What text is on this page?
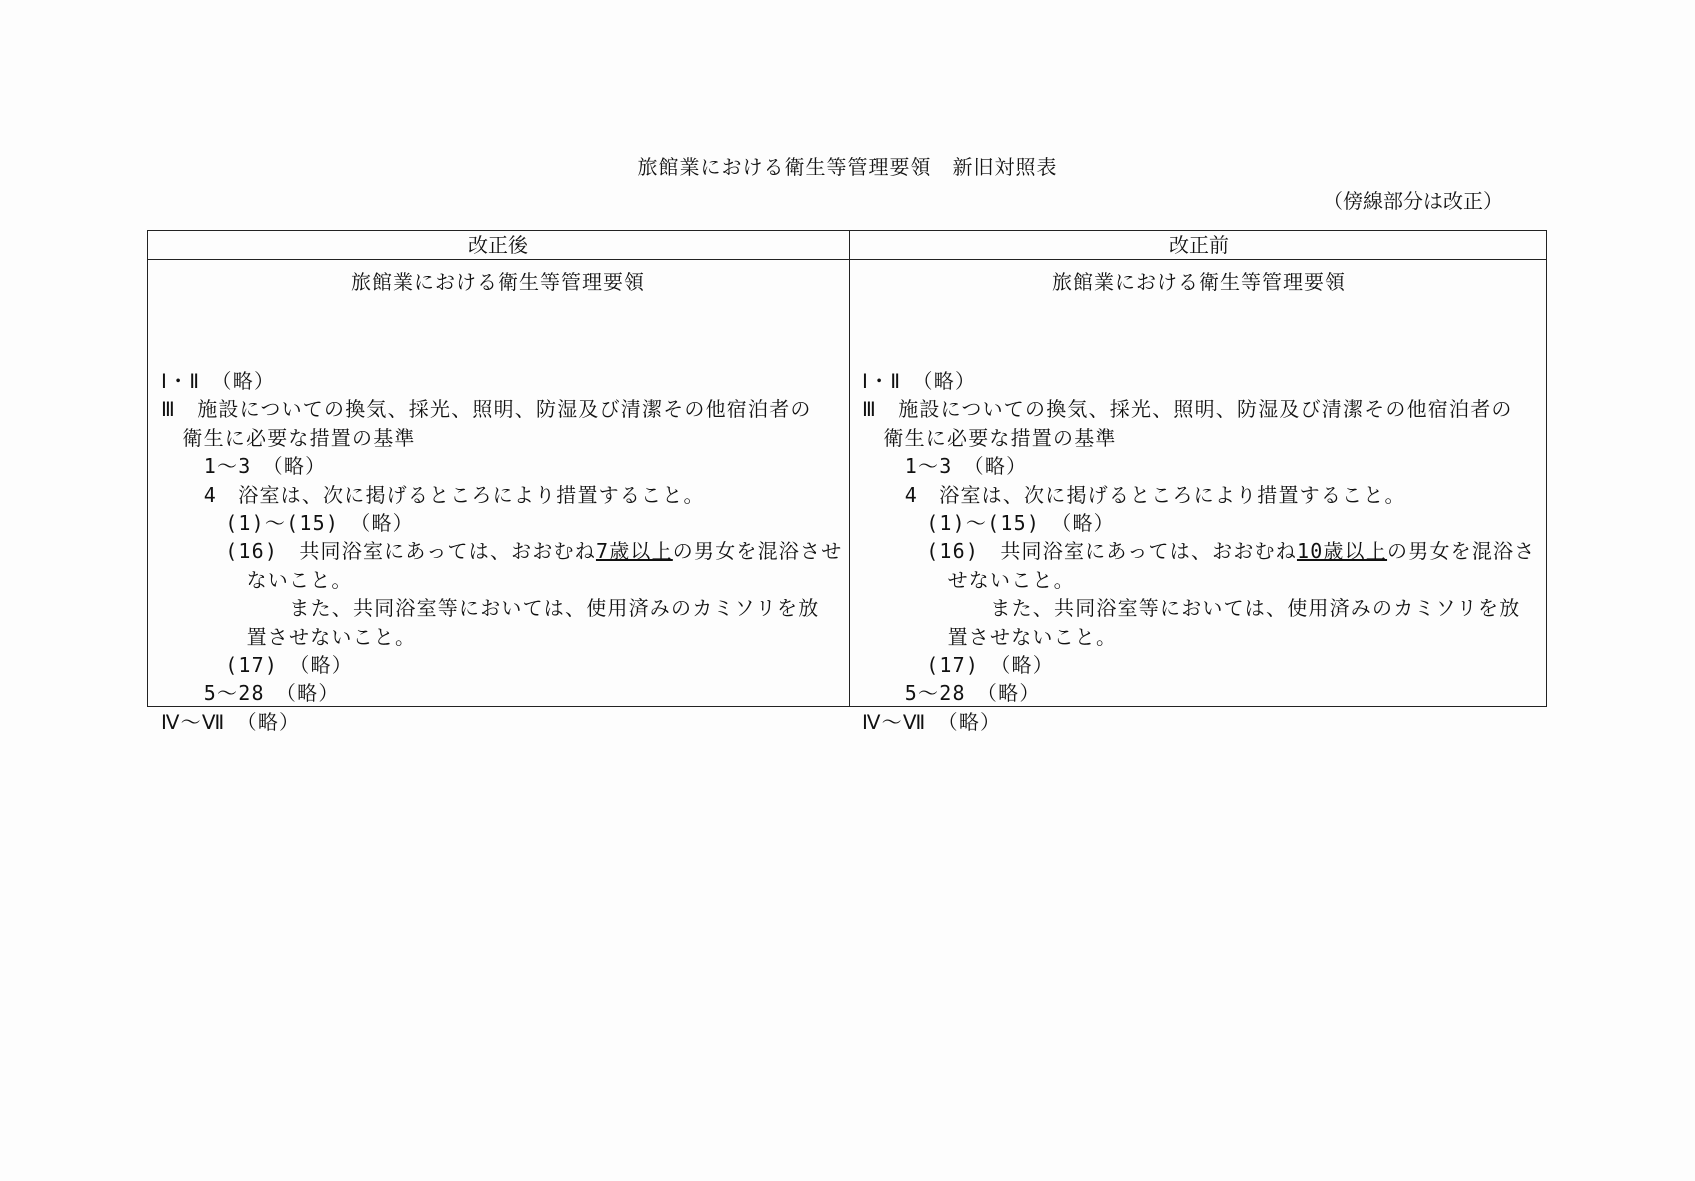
旅館業における衛生等管理要領　新旧対照表
（傍線部分は改正）
改正後	改正前
旅館業における衛生等管理要領
Ⅰ・Ⅱ　（略）
Ⅲ　施設についての換気、採光、照明、防湿及び清潔その他宿泊者の
衛生に必要な措置の基準
1～3　（略）
4　浴室は、次に掲げるところにより措置すること。
(1)～(15)　（略）
(16)　共同浴室にあっては、おおむね7歳以上の男女を混浴させ
ないこと。
また、共同浴室等においては、使用済みのカミソリを放
置させないこと。
(17)　（略）
5～28　（略）
Ⅳ～Ⅶ　（略）
旅館業における衛生等管理要領
Ⅰ・Ⅱ　（略）
Ⅲ　施設についての換気、採光、照明、防湿及び清潔その他宿泊者の
衛生に必要な措置の基準
1～3　（略）
4　浴室は、次に掲げるところにより措置すること。
(1)～(15)　（略）
(16)　共同浴室にあっては、おおむね10歳以上の男女を混浴さ
せないこと。
また、共同浴室等においては、使用済みのカミソリを放
置させないこと。
(17)　（略）
5～28　（略）
Ⅳ～Ⅶ　（略）
